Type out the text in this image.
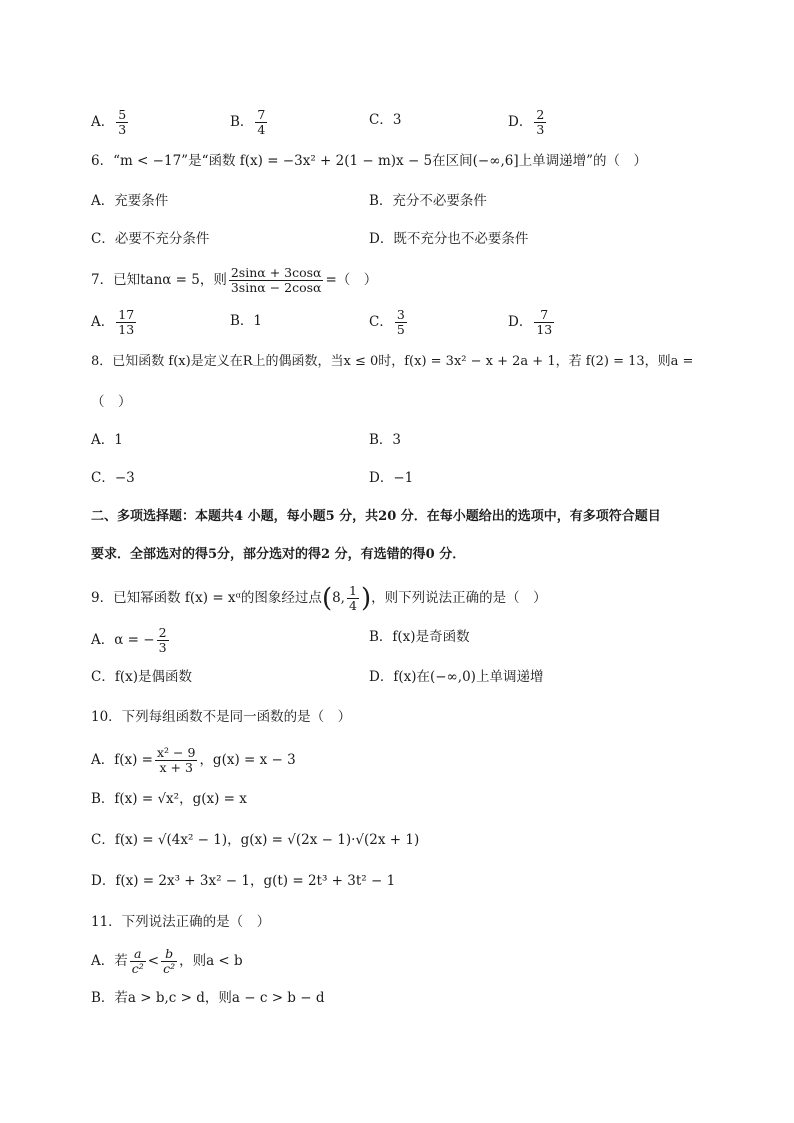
A． $\frac{5}{3}$	B． $\frac{7}{4}$	C．3	D． $\frac{2}{3}$
6．“m < −17”是“函数 f(x) = −3x² + 2(1 − m)x − 5在区间(−∞,6]上单调递增”的（　）
A．充要条件	B．充分不必要条件
C．必要不充分条件	D．既不充分也不必要条件
7．已知tanα = 5，则 $\frac{2\sin\alpha + 3\cos\alpha}{3\sin\alpha - 2\cos\alpha}$ =（　）
A． $\frac{17}{13}$	B．1	C． $\frac{3}{5}$	D． $\frac{7}{13}$
8．已知函数 f(x)是定义在R上的偶函数，当x ≤ 0时，f(x) = 3x² − x + 2a + 1，若 f(2) = 13，则a =
（　）
A．1	B．3
C．−3	D．−1
二、多项选择题：本题共4 小题，每小题5 分，共20 分．在每小题给出的选项中，有多项符合题目
要求．全部选对的得5分，部分选对的得2 分，有选错的得0 分．
9．已知幂函数 f(x) = xᵅ的图象经过点(8, $\frac{1}{4}$ )，则下列说法正确的是（　）
A．α = − $\frac{2}{3}$	B．f(x)是奇函数
C．f(x)是偶函数	D．f(x)在(−∞,0)上单调递增
10．下列每组函数不是同一函数的是（　）
A．$f(x) = \frac{\text{x² − 9}}{x + 3}$ ，g(x) = x − 3
B．f(x) = √x²，g(x) = x
C．f(x) = √(4x² − 1)，g(x) = √(2x − 1)·√(2x + 1)
D．f(x) = 2x³ + 3x² − 1，g(t) = 2t³ + 3t² − 1
11．下列说法正确的是（　）
A．若 $\frac{a}{\text{c²}} < \frac{b}{\text{c²}}$ ，则a < b
B．若a > b,c > d，则a − c > b − d
